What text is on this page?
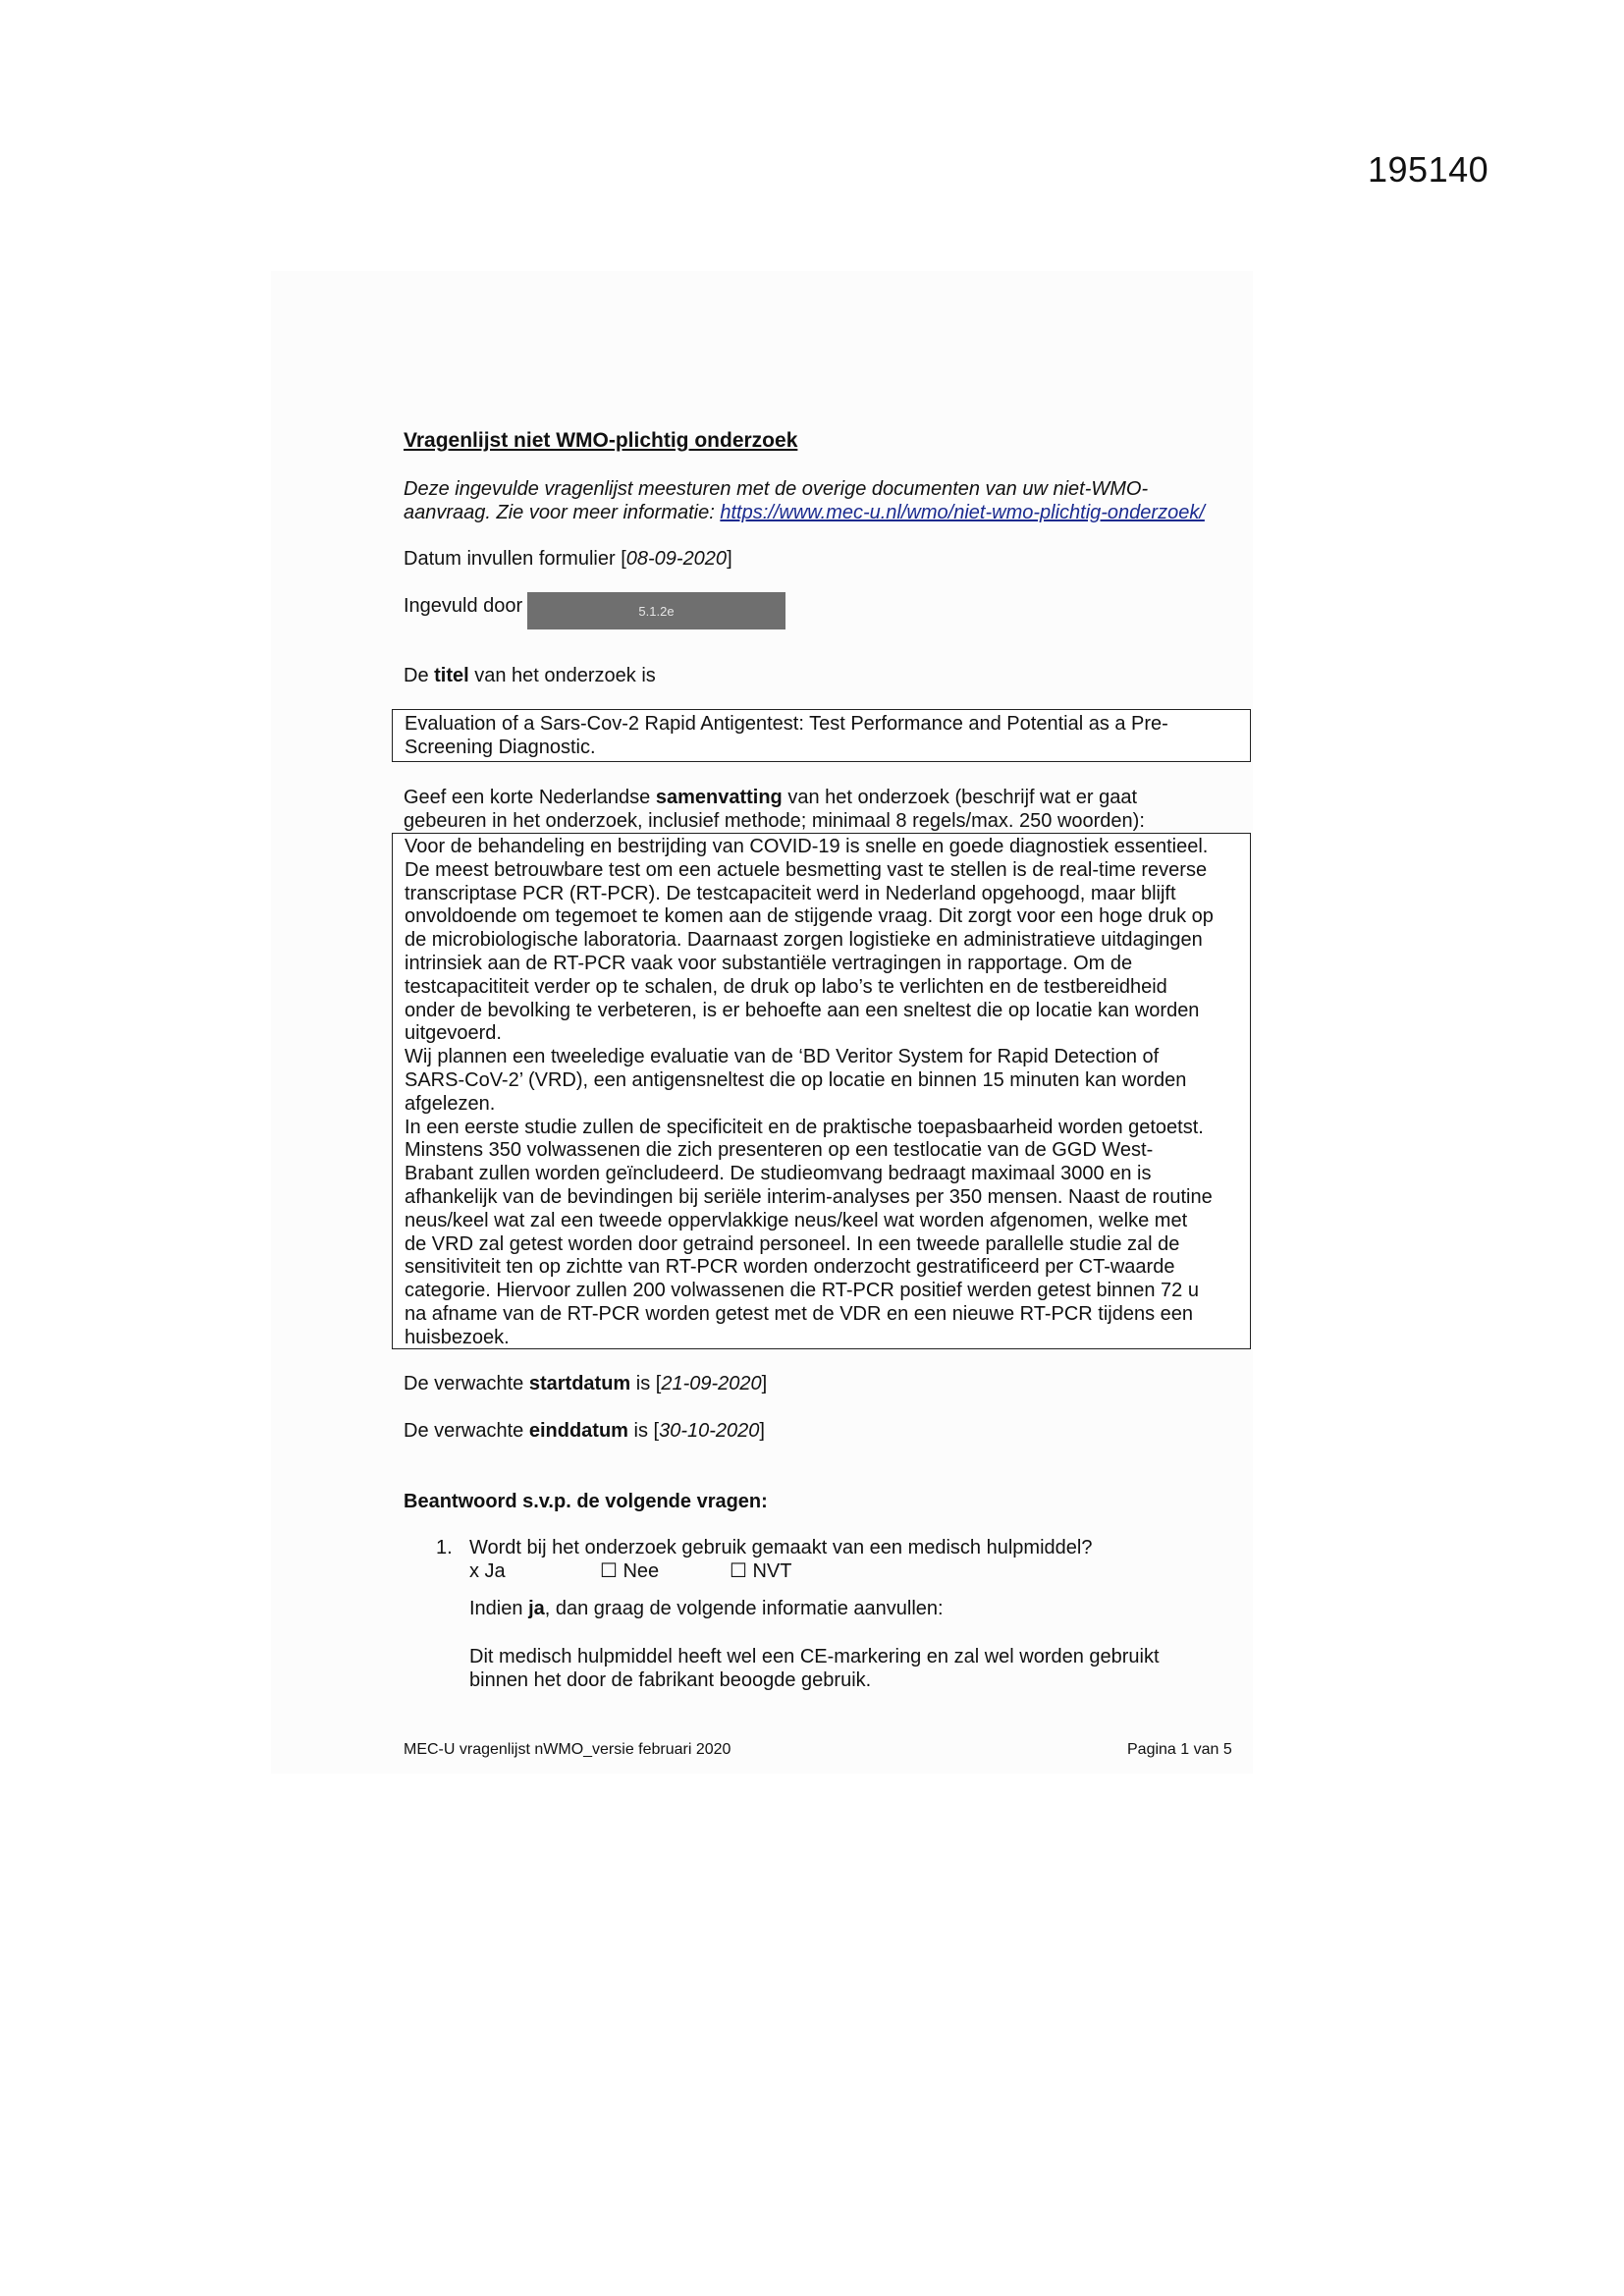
195140
Vragenlijst niet WMO-plichtig onderzoek
Deze ingevulde vragenlijst meesturen met de overige documenten van uw niet-WMO-
aanvraag. Zie voor meer informatie: https://www.mec-u.nl/wmo/niet-wmo-plichtig-onderzoek/
Datum invullen formulier [08-09-2020]
Ingevuld door	5.1.2e
De titel van het onderzoek is
Evaluation of a Sars-Cov-2 Rapid Antigentest: Test Performance and Potential as a Pre-
Screening Diagnostic.
Geef een korte Nederlandse samenvatting van het onderzoek (beschrijf wat er gaat
gebeuren in het onderzoek, inclusief methode; minimaal 8 regels/max. 250 woorden):
Voor de behandeling en bestrijding van COVID-19 is snelle en goede diagnostiek essentieel.
De meest betrouwbare test om een actuele besmetting vast te stellen is de real-time reverse
transcriptase PCR (RT-PCR). De testcapaciteit werd in Nederland opgehoogd, maar blijft
onvoldoende om tegemoet te komen aan de stijgende vraag. Dit zorgt voor een hoge druk op
de microbiologische laboratoria. Daarnaast zorgen logistieke en administratieve uitdagingen
intrinsiek aan de RT-PCR vaak voor substantiële vertragingen in rapportage. Om de
testcapacititeit verder op te schalen, de druk op labo’s te verlichten en de testbereidheid
onder de bevolking te verbeteren, is er behoefte aan een sneltest die op locatie kan worden
uitgevoerd.
Wij plannen een tweeledige evaluatie van de ‘BD Veritor System for Rapid Detection of
SARS-CoV-2’ (VRD), een antigensneltest die op locatie en binnen 15 minuten kan worden
afgelezen.
In een eerste studie zullen de specificiteit en de praktische toepasbaarheid worden getoetst.
Minstens 350 volwassenen die zich presenteren op een testlocatie van de GGD West-
Brabant zullen worden geïncludeerd. De studieomvang bedraagt maximaal 3000 en is
afhankelijk van de bevindingen bij seriële interim-analyses per 350 mensen. Naast de routine
neus/keel wat zal een tweede oppervlakkige neus/keel wat worden afgenomen, welke met
de VRD zal getest worden door getraind personeel. In een tweede parallelle studie zal de
sensitiviteit ten op zichtte van RT-PCR worden onderzocht gestratificeerd per CT-waarde
categorie. Hiervoor zullen 200 volwassenen die RT-PCR positief werden getest binnen 72 u
na afname van de RT-PCR worden getest met de VDR en een nieuwe RT-PCR tijdens een
huisbezoek.
De verwachte startdatum is [21-09-2020]
De verwachte einddatum is [30-10-2020]
Beantwoord s.v.p. de volgende vragen:
1. Wordt bij het onderzoek gebruik gemaakt van een medisch hulpmiddel?
x Ja	☐ Nee	☐ NVT
Indien ja, dan graag de volgende informatie aanvullen:
Dit medisch hulpmiddel heeft wel een CE-markering en zal wel worden gebruikt
binnen het door de fabrikant beoogde gebruik.
MEC-U vragenlijst nWMO_versie februari 2020	Pagina 1 van 5
